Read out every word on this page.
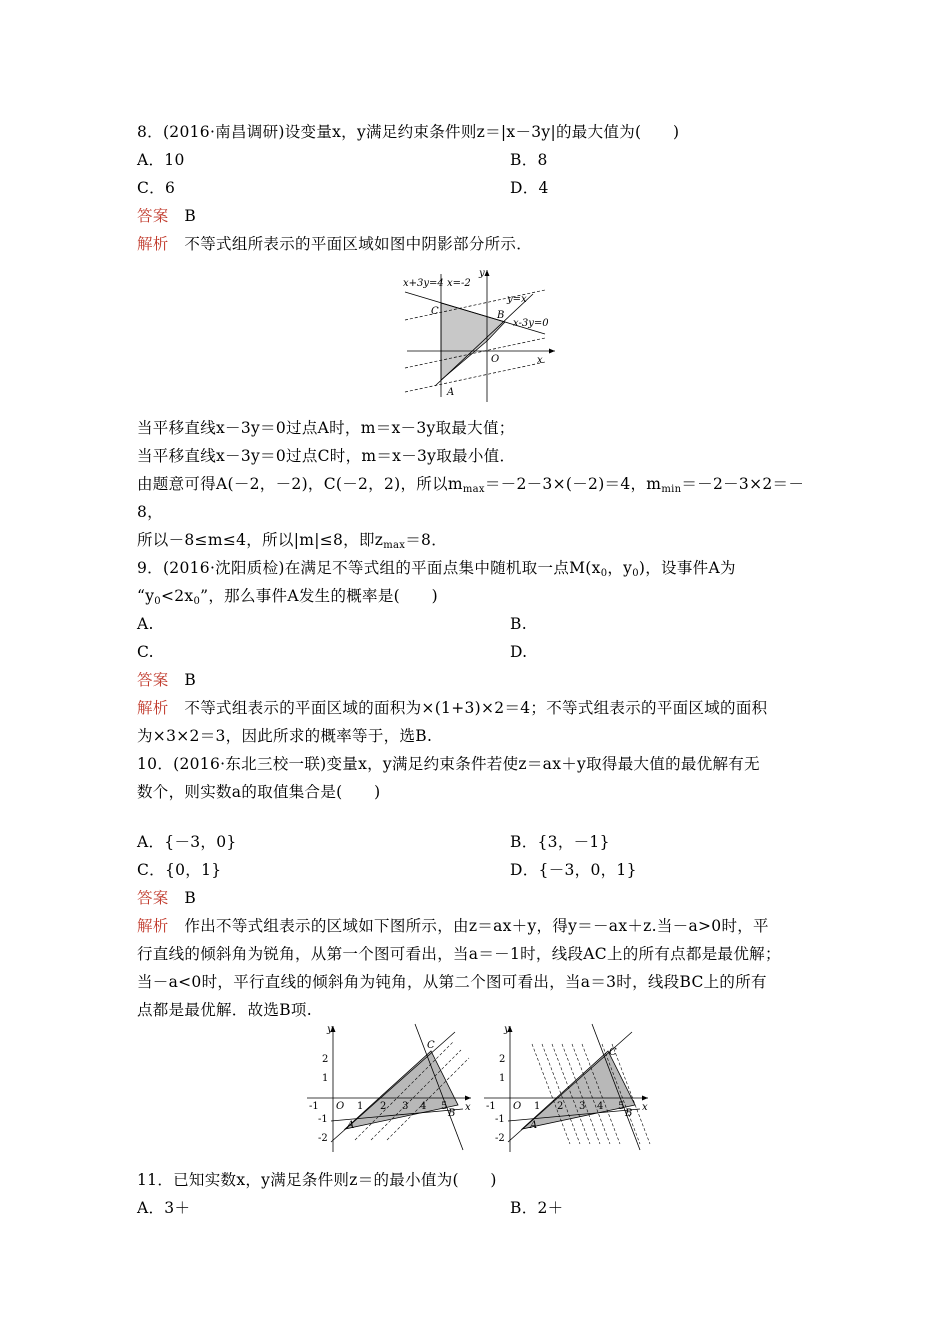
8．(2016·南昌调研)设变量x，y满足约束条件则z＝|x－3y|的最大值为(　　)
A．10	B．8
C．6	D．4
答案　 B
解析　 不等式组所表示的平面区域如图中阴影部分所示．
x+3y=4 x=-2
y
y=x
x-3y=0
C	B
O	x
A
当平移直线x－3y＝0过点A时，m＝x－3y取最大值；
当平移直线x－3y＝0过点C时，m＝x－3y取最小值．
由题意可得A(－2，－2)，C(－2，2)，所以$m_{max}=-2-3\times(-2)=4$，$m_{min}=-2-3\times 2=-$
8，
所以－8≤m≤4，所以|m|≤8，即$z_{max}=8$．
9．(2016·沈阳质检)在满足不等式组的平面点集中随机取一点$M(x_0$，$y_0$)，设事件A为
“$y_0<2x_0$”，那么事件A发生的概率是(　　)
A.	B.
C.	D.
答案　 B
解析　 不等式组表示的平面区域的面积为×(1+3)×2＝4；不等式组表示的平面区域的面积
为×3×2＝3，因此所求的概率等于，选B.
10．(2016·东北三校一联)变量x，y满足约束条件若使z＝ax＋y取得最大值的最优解有无
数个，则实数a的取值集合是(　　)
A．{－3，0}	B．{3，－1}
C．{0，1}	D．{－3，0，1}
答案　 B
解析　 作出不等式组表示的区域如下图所示，由z＝ax＋y，得y＝－ax＋z.当－a>0时，平
行直线的倾斜角为锐角，从第一个图可看出，当a＝－1时，线段AC上的所有点都是最优解；
当－a<0时，平行直线的倾斜角为钝角，从第二个图可看出，当a＝3时，线段BC上的所有
点都是最优解．故选B项.
y
x
2
1
-1
-2
-1 O 1 2 3 4 5
C
B
A
y
x
2
1
-1
-2
-1 O 1 2 3 4 5
C
B
A
11．已知实数x，y满足条件则z＝的最小值为(　　)
A．3＋	B．2＋
